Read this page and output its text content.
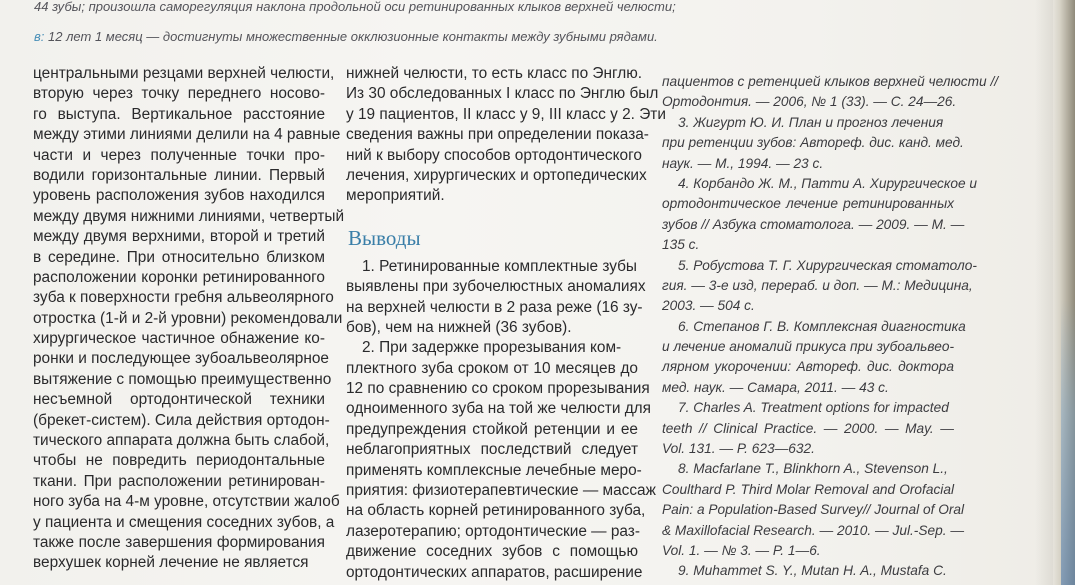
44 зубы; произошла саморегуляция наклона продольной оси ретинированных клыков верхней челюсти;
в: 12 лет 1 месяц — достигнуты множественные окклюзионные контакты между зубными рядами.
центральными резцами верхней челюсти,
вторую через точку переднего носово-
го выступа. Вертикальное расстояние
между этими линиями делили на 4 равные
части и через полученные точки про-
водили горизонтальные линии. Первый
уровень расположения зубов находился
между двумя нижними линиями, четвертый
между двумя верхними, второй и третий
в середине. При относительно близком
расположении коронки ретинированного
зуба к поверхности гребня альвеолярного
отростка (1-й и 2-й уровни) рекомендовали
хирургическое частичное обнажение ко-
ронки и последующее зубоальвеолярное
вытяжение с помощью преимущественно
несъемной ортодонтической техники
(брекет-систем). Сила действия ортодон-
тического аппарата должна быть слабой,
чтобы не повредить периодонтальные
ткани. При расположении ретинирован-
ного зуба на 4-м уровне, отсутствии жалоб
у пациента и смещения соседних зубов, а
также после завершения формирования
верхушек корней лечение не является
нижней челюсти, то есть класс по Энглю.
Из 30 обследованных I класс по Энглю был
у 19 пациентов, II класс у 9, III класс у 2. Эти
сведения важны при определении показа-
ний к выбору способов ортодонтического
лечения, хирургических и ортопедических
мероприятий.
Выводы
1. Ретинированные комплектные зубы
выявлены при зубочелюстных аномалиях
на верхней челюсти в 2 раза реже (16 зу-
бов), чем на нижней (36 зубов).
2. При задержке прорезывания ком-
плектного зуба сроком от 10 месяцев до
12 по сравнению со сроком прорезывания
одноименного зуба на той же челюсти для
предупреждения стойкой ретенции и ее
неблагоприятных последствий следует
применять комплексные лечебные меро-
приятия: физиотерапевтические — массаж
на область корней ретинированного зуба,
лазеротерапию; ортодонтические — раз-
движение соседних зубов с помощью
ортодонтических аппаратов, расширение
пациентов с ретенцией клыков верхней челюсти //
Ортодонтия. — 2006, № 1 (33). — С. 24—26.
3. Жигурт Ю. И. План и прогноз лечения
при ретенции зубов: Автореф. дис. канд. мед.
наук. — М., 1994. — 23 с.
4. Корбандо Ж. М., Патти А. Хирургическое и
ортодонтическое лечение ретинированных
зубов // Азбука стоматолога. — 2009. — М. —
135 с.
5. Робустова Т. Г. Хирургическая стоматоло-
гия. — 3-е изд, перераб. и доп. — М.: Медицина,
2003. — 504 с.
6. Степанов Г. В. Комплексная диагностика
и лечение аномалий прикуса при зубоальвео-
лярном укорочении: Автореф. дис. доктора
мед. наук. — Самара, 2011. — 43 с.
7. Charles A. Treatment options for impacted
teeth // Clinical Practice. — 2000. — May. —
Vol. 131. — P. 623—632.
8. Macfarlane T., Blinkhorn A., Stevenson L.,
Coulthard P. Third Molar Removal and Orofacial
Pain: a Population-Based Survey// Journal of Oral
& Maxillofacial Research. — 2010. — Jul.-Sep. —
Vol. 1. — № 3. — P. 1—6.
9. Muhammet S. Y., Mutan H. A., Mustafa C.
